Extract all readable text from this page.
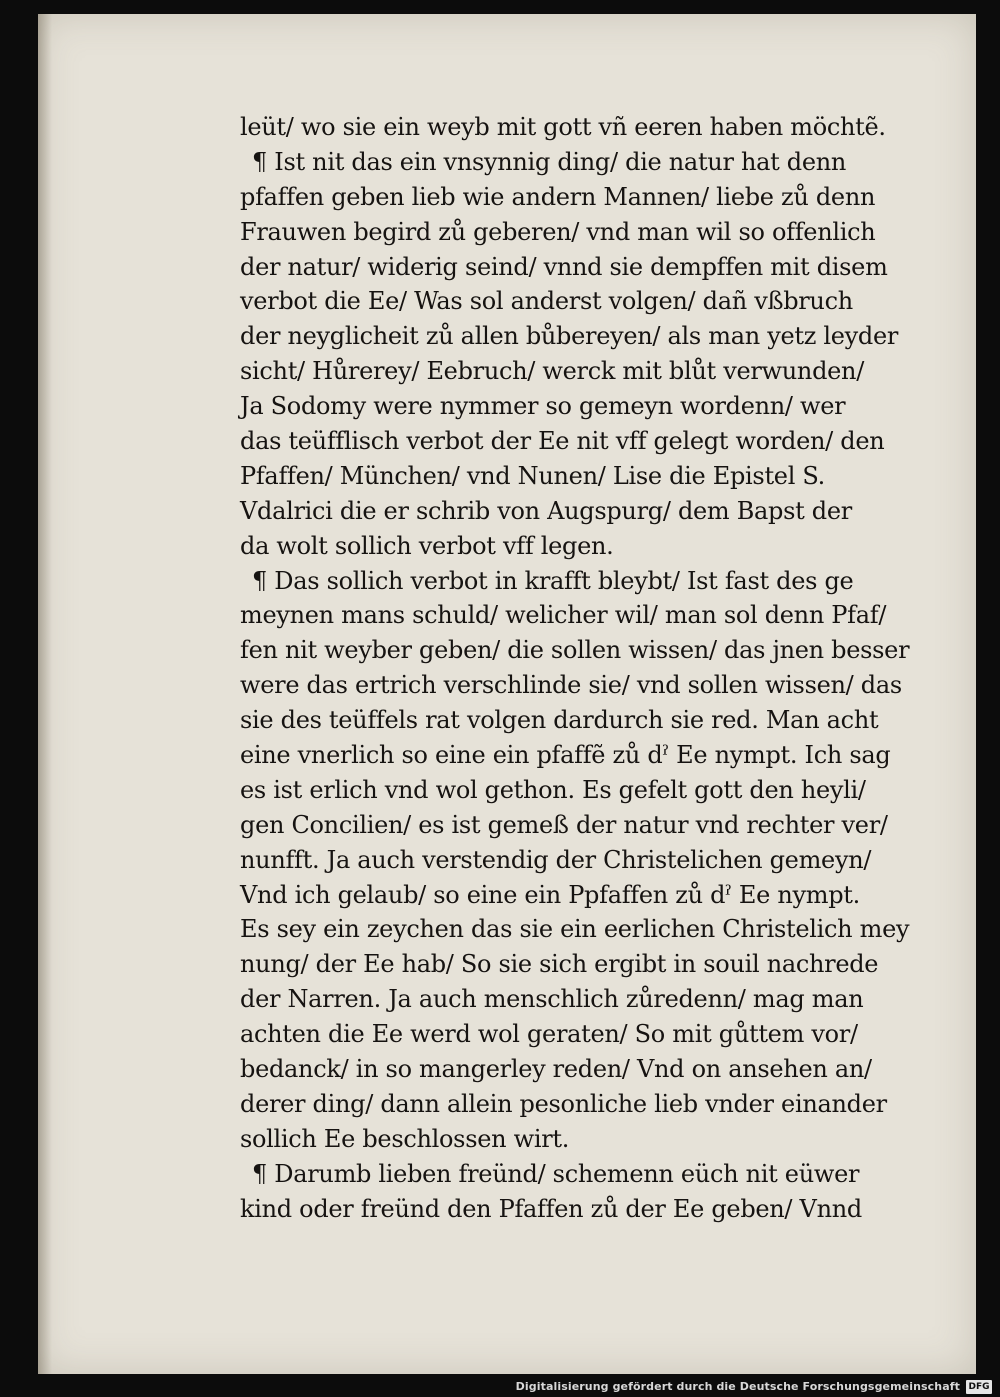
leüt/ wo sie ein weyb mit gott vñ eeren haben möchtẽ.
¶ Ist nit das ein vnsynnig ding/ die natur hat denn
pfaffen geben lieb wie andern Mannen/ liebe zů denn
Frauwen begird zů geberen/ vnd man wil so offenlich
der natur/ widerig seind/ vnnd sie dempffen mit disem
verbot die Ee/ Was sol anderst volgen/ dañ vßbruch
der neyglicheit zů allen bůbereyen/ als man yetz leyder
sicht/ Hůrerey/ Eebruch/ werck mit blůt verwunden/
Ja Sodomy were nymmer so gemeyn wordenn/ wer
das teüfflisch verbot der Ee nit vff gelegt worden/ den
Pfaffen/ München/ vnd Nunen/ Lise die Epistel S.
Vdalrici die er schrib von Augspurg/ dem Bapst der
da wolt sollich verbot vff legen.
¶ Das sollich verbot in krafft bleybt/ Ist fast des ge
meynen mans schuld/ welicher wil/ man sol denn Pfaf/
fen nit weyber geben/ die sollen wissen/ das jnen besser
were das ertrich verschlinde sie/ vnd sollen wissen/ das
sie des teüffels rat volgen dardurch sie red. Man acht
eine vnerlich so eine ein pfaffẽ zů dˀ Ee nympt. Ich sag
es ist erlich vnd wol gethon. Es gefelt gott den heyli/
gen Concilien/ es ist gemeß der natur vnd rechter ver/
nunfft. Ja auch verstendig der Christelichen gemeyn/
Vnd ich gelaub/ so eine ein Ppfaffen zů dˀ Ee nympt.
Es sey ein zeychen das sie ein eerlichen Christelich mey
nung/ der Ee hab/ So sie sich ergibt in souil nachrede
der Narren. Ja auch menschlich zůredenn/ mag man
achten die Ee werd wol geraten/ So mit gůttem vor/
bedanck/ in so mangerley reden/ Vnd on ansehen an/
derer ding/ dann allein pesonliche lieb vnder einander
sollich Ee beschlossen wirt.
¶ Darumb lieben freünd/ schemenn eüch nit eüwer
kind oder freünd den Pfaffen zů der Ee geben/ Vnnd
Digitalisierung gefördert durch die Deutsche Forschungsgemeinschaft DFG
